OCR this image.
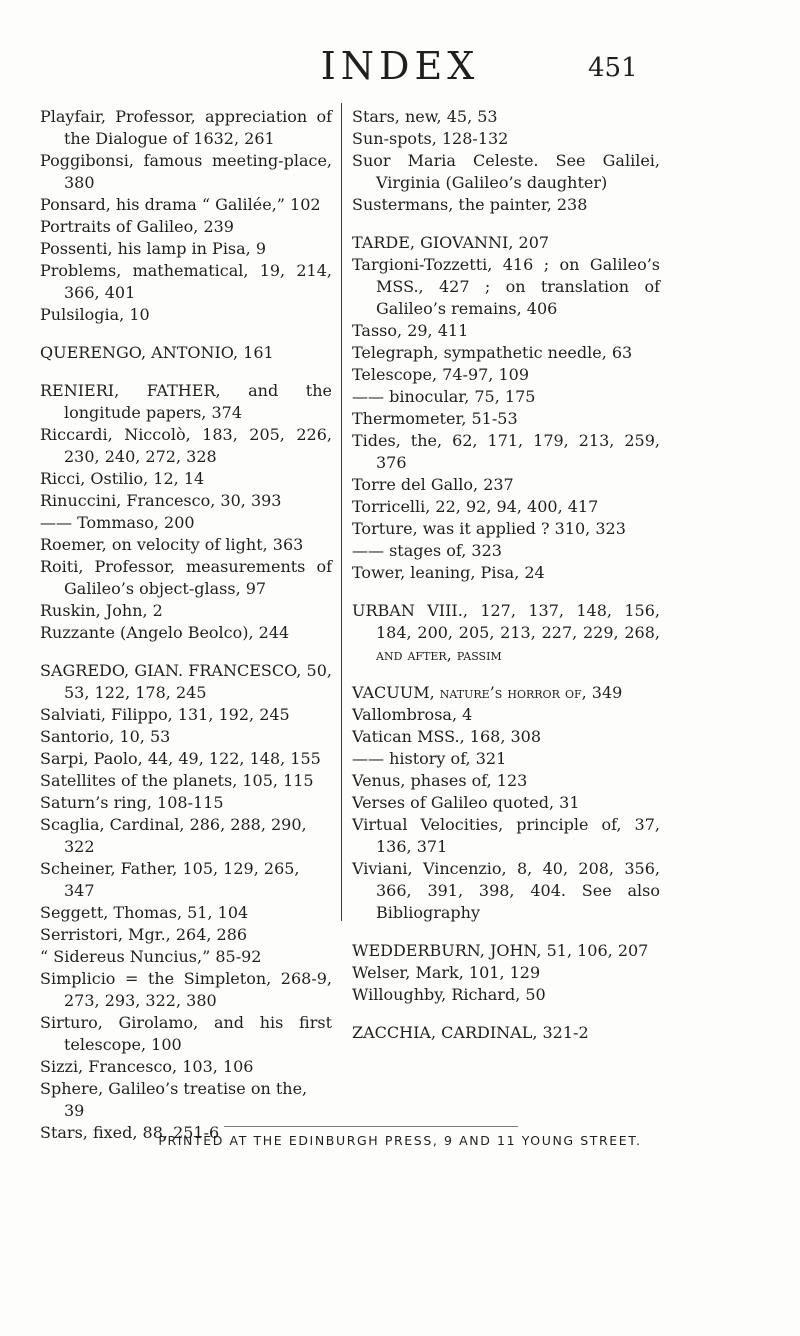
INDEX	451
Playfair, Professor, appreciation of the Dialogue of 1632, 261
Poggibonsi, famous meeting-place, 380
Ponsard, his drama “ Galilée,” 102
Portraits of Galileo, 239
Possenti, his lamp in Pisa, 9
Problems, mathematical, 19, 214, 366, 401
Pulsilogia, 10
QUERENGO, ANTONIO, 161
RENIERI, FATHER, and the longitude papers, 374
Riccardi, Niccolò, 183, 205, 226, 230, 240, 272, 328
Ricci, Ostilio, 12, 14
Rinuccini, Francesco, 30, 393
—— Tommaso, 200
Roemer, on velocity of light, 363
Roiti, Professor, measurements of Galileo’s object-glass, 97
Ruskin, John, 2
Ruzzante (Angelo Beolco), 244
SAGREDO, GIAN. FRANCESCO, 50, 53, 122, 178, 245
Salviati, Filippo, 131, 192, 245
Santorio, 10, 53
Sarpi, Paolo, 44, 49, 122, 148, 155
Satellites of the planets, 105, 115
Saturn’s ring, 108-115
Scaglia, Cardinal, 286, 288, 290, 322
Scheiner, Father, 105, 129, 265, 347
Seggett, Thomas, 51, 104
Serristori, Mgr., 264, 286
“ Sidereus Nuncius,” 85-92
Simplicio = the Simpleton, 268-9, 273, 293, 322, 380
Sirturo, Girolamo, and his first telescope, 100
Sizzi, Francesco, 103, 106
Sphere, Galileo’s treatise on the, 39
Stars, fixed, 88, 251-6
Stars, new, 45, 53
Sun-spots, 128-132
Suor Maria Celeste. See Galilei, Virginia (Galileo’s daughter)
Sustermans, the painter, 238
TARDE, GIOVANNI, 207
Targioni-Tozzetti, 416 ; on Galileo’s MSS., 427 ; on translation of Galileo’s remains, 406
Tasso, 29, 411
Telegraph, sympathetic needle, 63
Telescope, 74-97, 109
—— binocular, 75, 175
Thermometer, 51-53
Tides, the, 62, 171, 179, 213, 259, 376
Torre del Gallo, 237
Torricelli, 22, 92, 94, 400, 417
Torture, was it applied ? 310, 323
—— stages of, 323
Tower, leaning, Pisa, 24
URBAN VIII., 127, 137, 148, 156, 184, 200, 205, 213, 227, 229, 268, and after, passim
VACUUM, nature’s horror of, 349
Vallombrosa, 4
Vatican MSS., 168, 308
—— history of, 321
Venus, phases of, 123
Verses of Galileo quoted, 31
Virtual Velocities, principle of, 37, 136, 371
Viviani, Vincenzio, 8, 40, 208, 356, 366, 391, 398, 404. See also Bibliography
WEDDERBURN, JOHN, 51, 106, 207
Welser, Mark, 101, 129
Willoughby, Richard, 50
ZACCHIA, CARDINAL, 321-2
PRINTED AT THE EDINBURGH PRESS, 9 AND 11 YOUNG STREET.
